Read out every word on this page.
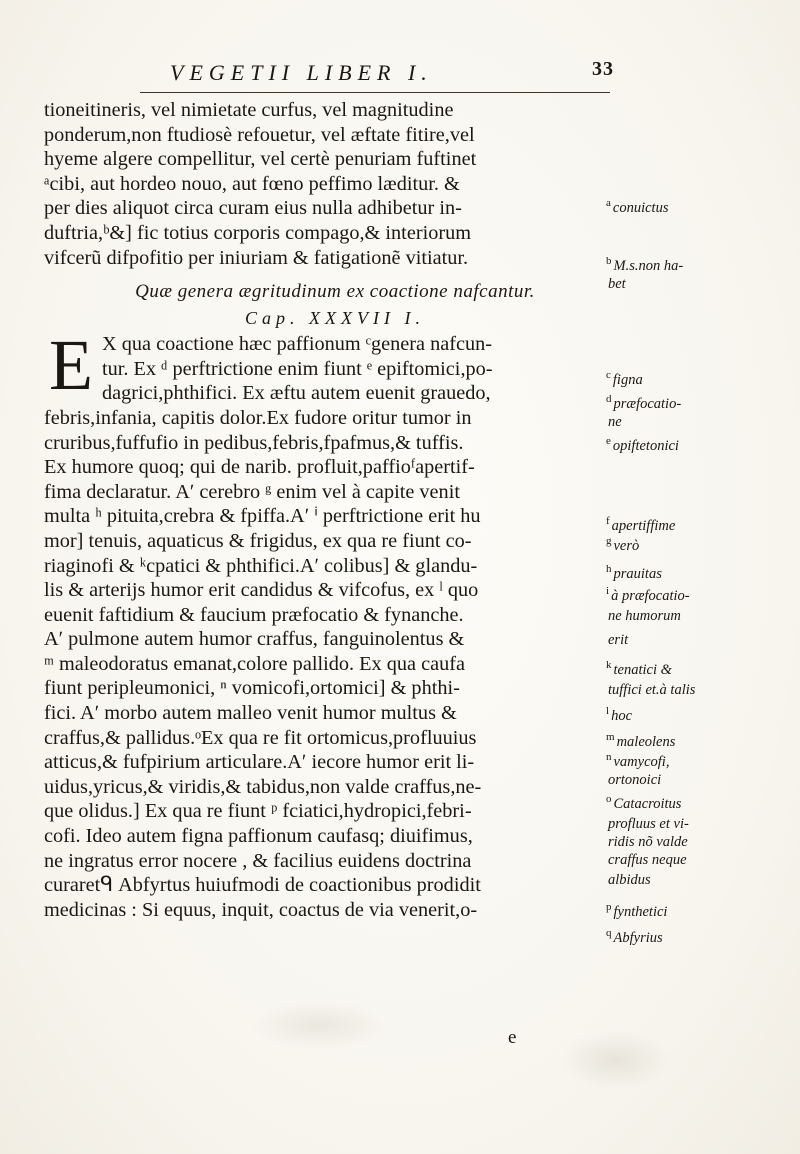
VEGETII LIBER I.	33
tioneitineris, vel nimietate curfus, vel magnitudine
ponderum,non ftudiosè refouetur, vel æftate fitire,vel
hyeme algere compellitur, vel certè penuriam fuftinet
ᵃcibi, aut hordeo nouo, aut fœno peffimo læditur. &
per dies aliquot circa curam eius nulla adhibetur in-
duftria,ᵇ&] fic totius corporis compago,& interiorum
vifcerũ difpofitio per iniuriam & fatigationẽ vitiatur.
Quæ genera ægritudinum ex coactione nafcantur.
Cap. XXXVII I.
E X qua coactione hæc paffionum ᶜgenera nafcun-
tur. Ex ᵈ perftrictione enim fiunt ᵉ epiftomici,po-
dagrici,phthifici. Ex æftu autem euenit grauedo,
febris,infania, capitis dolor.Ex fudore oritur tumor in
cruribus,fuffufio in pedibus,febris,fpafmus,& tuffis.
Ex humore quoq; qui de narib. profluit,paffioᶠapertif-
fima declaratur. Aʹ cerebro ᵍ enim vel à capite venit
multa ʰ pituita,crebra & fpiffa.Aʹ ⁱ perftrictione erit hu
mor] tenuis, aquaticus & frigidus, ex qua re fiunt co-
riaginofi & ᵏcpatici & phthifici.Aʹ colibus] & glandu-
lis & arterijs humor erit candidus & vifcofus, ex ˡ quo
euenit faftidium & faucium præfocatio & fynanche.
Aʹ pulmone autem humor craffus, fanguinolentus &
ᵐ maleodoratus emanat,colore pallido. Ex qua caufa
fiunt peripleumonici, ⁿ vomicofi,ortomici] & phthi-
fici. Aʹ morbo autem malleo venit humor multus &
craffus,& pallidus.ᵒEx qua re fit ortomicus,profluuius
atticus,& fufpirium articulare.Aʹ iecore humor erit li-
uidus,yricus,& viridis,& tabidus,non valde craffus,ne-
que olidus.] Ex qua re fiunt ᵖ fciatici,hydropici,febri-
cofi. Ideo autem figna paffionum caufasq; diuifimus,
ne ingratus error nocere , & facilius euidens doctrina
curaretᑫ Abfyrtus huiufmodi de coactionibus prodidit
medicinas : Si equus, inquit, coactus de via venerit,o-
$^a$ conuictus
$^b$ M.s.non ha-
bet
$^c$ figna
$^d$ præfocatio-
ne
$^e$ opiftetonici
$^f$ apertiffime
$^g$ verò
$^h$ prauitas
$^i$ à præfocatio-
ne humorum
erit
$^k$ tenatici &
tuffici et.à talis
$^l$ hoc
$^m$ maleolens
$^n$ vamycofi,
ortonoici
$^o$ Catacroitus
profluus et vi-
ridis nõ valde
craffus neque
albidus
$^p$ fynthetici
$^q$ Abfyrius
e
